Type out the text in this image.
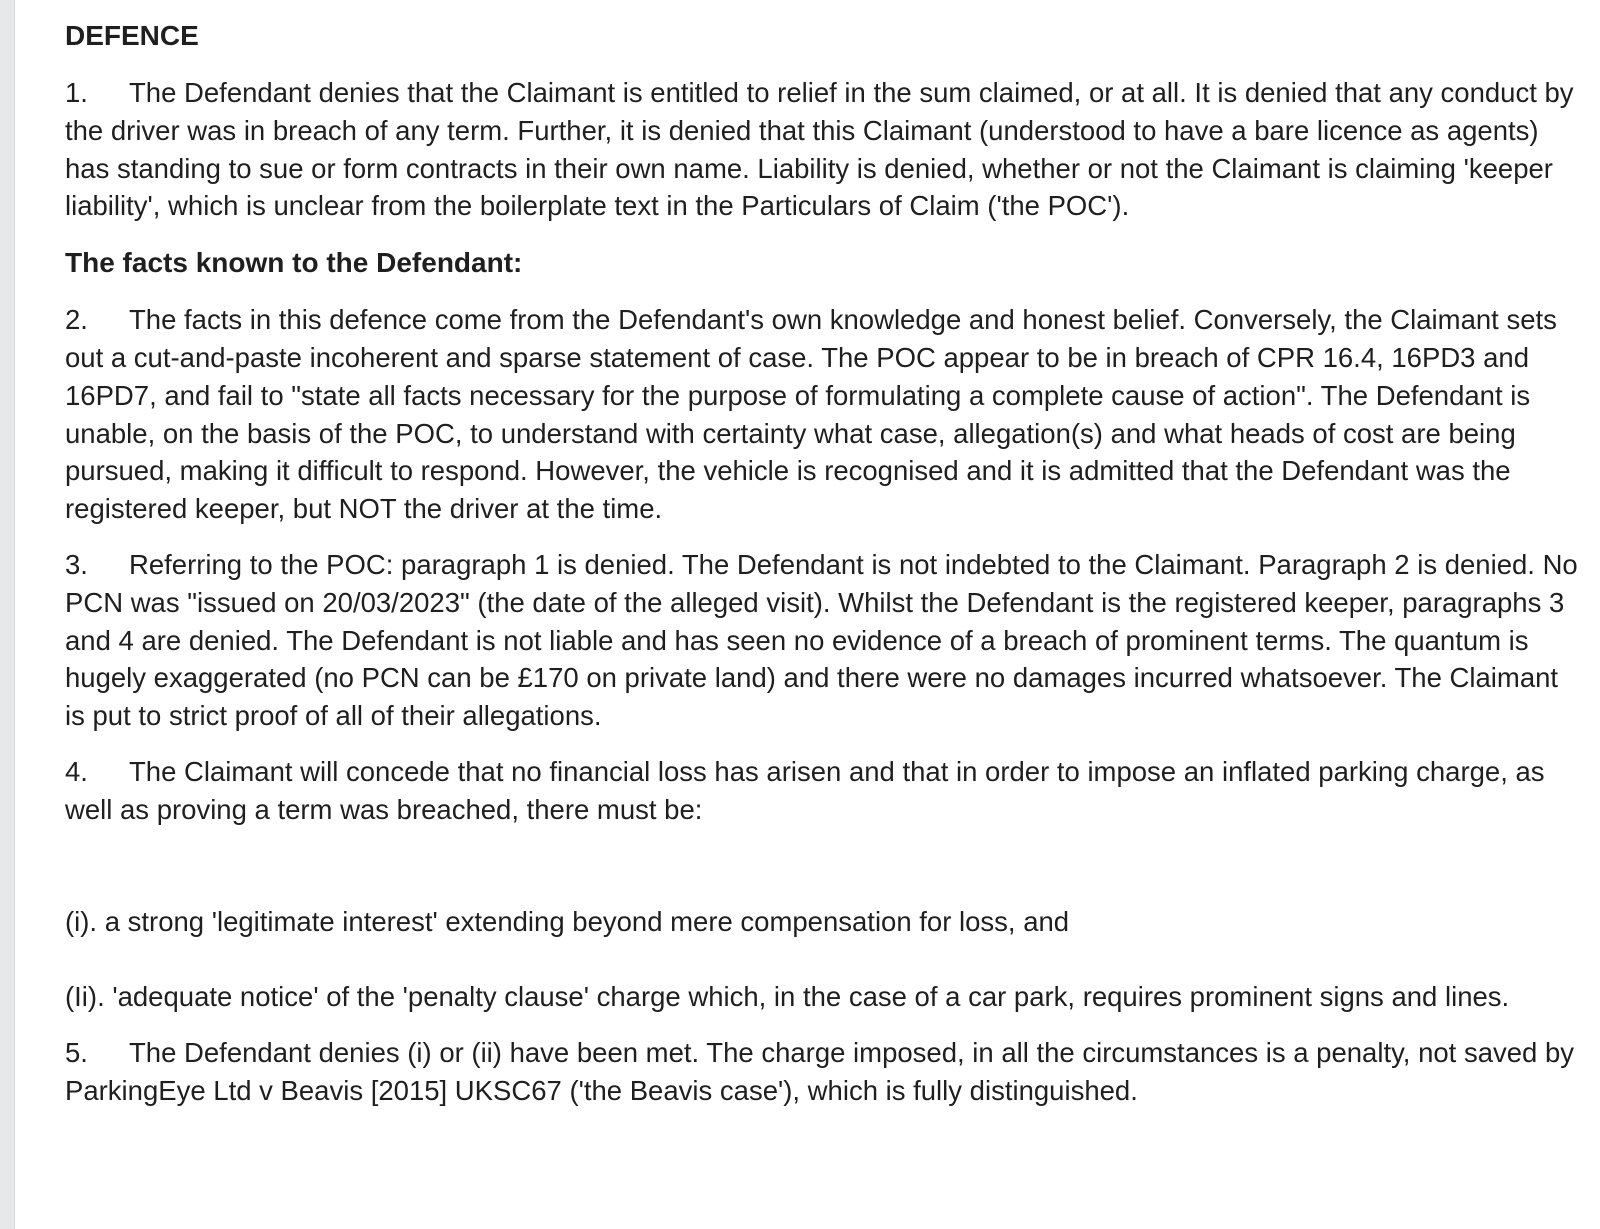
DEFENCE

1. The Defendant denies that the Claimant is entitled to relief in the sum claimed, or at all. It is denied that any conduct by the driver was in breach of any term. Further, it is denied that this Claimant (understood to have a bare licence as agents) has standing to sue or form contracts in their own name. Liability is denied, whether or not the Claimant is claiming 'keeper liability', which is unclear from the boilerplate text in the Particulars of Claim ('the POC').

The facts known to the Defendant:

2. The facts in this defence come from the Defendant's own knowledge and honest belief. Conversely, the Claimant sets out a cut-and-paste incoherent and sparse statement of case. The POC appear to be in breach of CPR 16.4, 16PD3 and 16PD7, and fail to "state all facts necessary for the purpose of formulating a complete cause of action". The Defendant is unable, on the basis of the POC, to understand with certainty what case, allegation(s) and what heads of cost are being pursued, making it difficult to respond. However, the vehicle is recognised and it is admitted that the Defendant was the registered keeper, but NOT the driver at the time.

3. Referring to the POC: paragraph 1 is denied. The Defendant is not indebted to the Claimant. Paragraph 2 is denied. No PCN was "issued on 20/03/2023" (the date of the alleged visit). Whilst the Defendant is the registered keeper, paragraphs 3 and 4 are denied. The Defendant is not liable and has seen no evidence of a breach of prominent terms. The quantum is hugely exaggerated (no PCN can be £170 on private land) and there were no damages incurred whatsoever. The Claimant is put to strict proof of all of their allegations.

4. The Claimant will concede that no financial loss has arisen and that in order to impose an inflated parking charge, as well as proving a term was breached, there must be:

(i). a strong 'legitimate interest' extending beyond mere compensation for loss, and

(Ii). 'adequate notice' of the 'penalty clause' charge which, in the case of a car park, requires prominent signs and lines.

5. The Defendant denies (i) or (ii) have been met. The charge imposed, in all the circumstances is a penalty, not saved by ParkingEye Ltd v Beavis [2015] UKSC67 ('the Beavis case'), which is fully distinguished.
